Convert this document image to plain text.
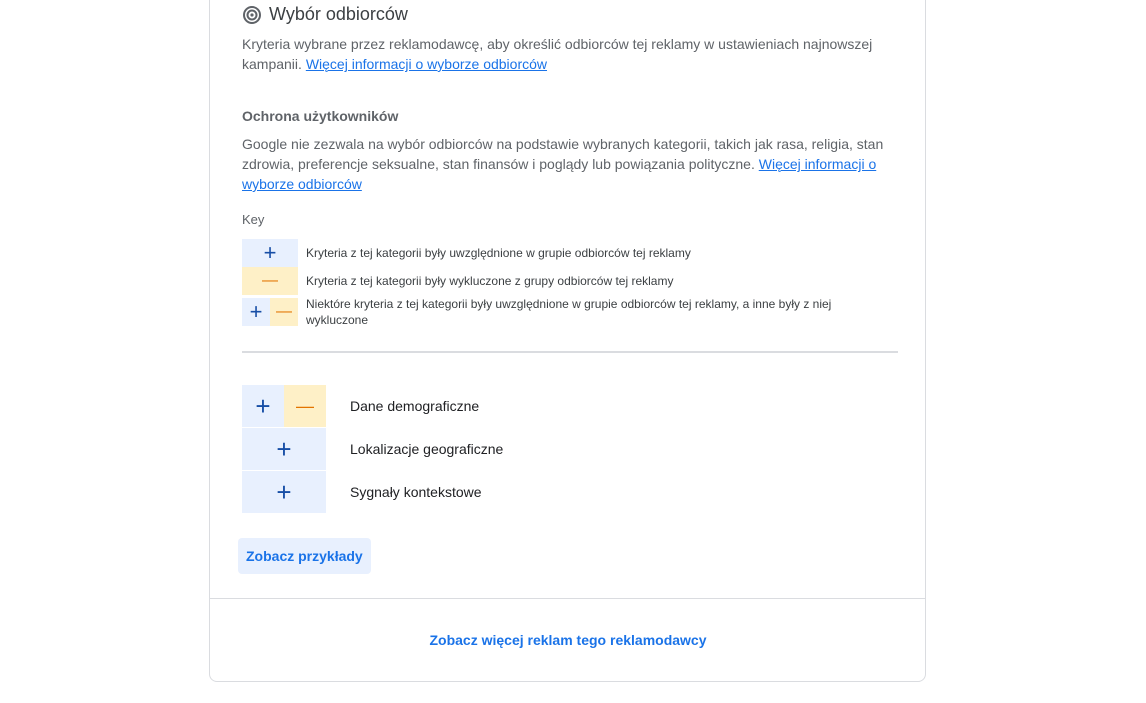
Wybór odbiorców
Kryteria wybrane przez reklamodawcę, aby określić odbiorców tej reklamy w ustawieniach najnowszej kampanii. Więcej informacji o wyborze odbiorców
Ochrona użytkowników
Google nie zezwala na wybór odbiorców na podstawie wybranych kategorii, takich jak rasa, religia, stan zdrowia, preferencje seksualne, stan finansów i poglądy lub powiązania polityczne. Więcej informacji o wyborze odbiorców
Key
+ Kryteria z tej kategorii były uwzględnione w grupie odbiorców tej reklamy
— Kryteria z tej kategorii były wykluczone z grupy odbiorców tej reklamy
+ — Niektóre kryteria z tej kategorii były uwzględnione w grupie odbiorców tej reklamy, a inne były z niej wykluczone
+ —	Dane demograficzne
+	Lokalizacje geograficzne
+	Sygnały kontekstowe
Zobacz przykłady
Zobacz więcej reklam tego reklamodawcy
